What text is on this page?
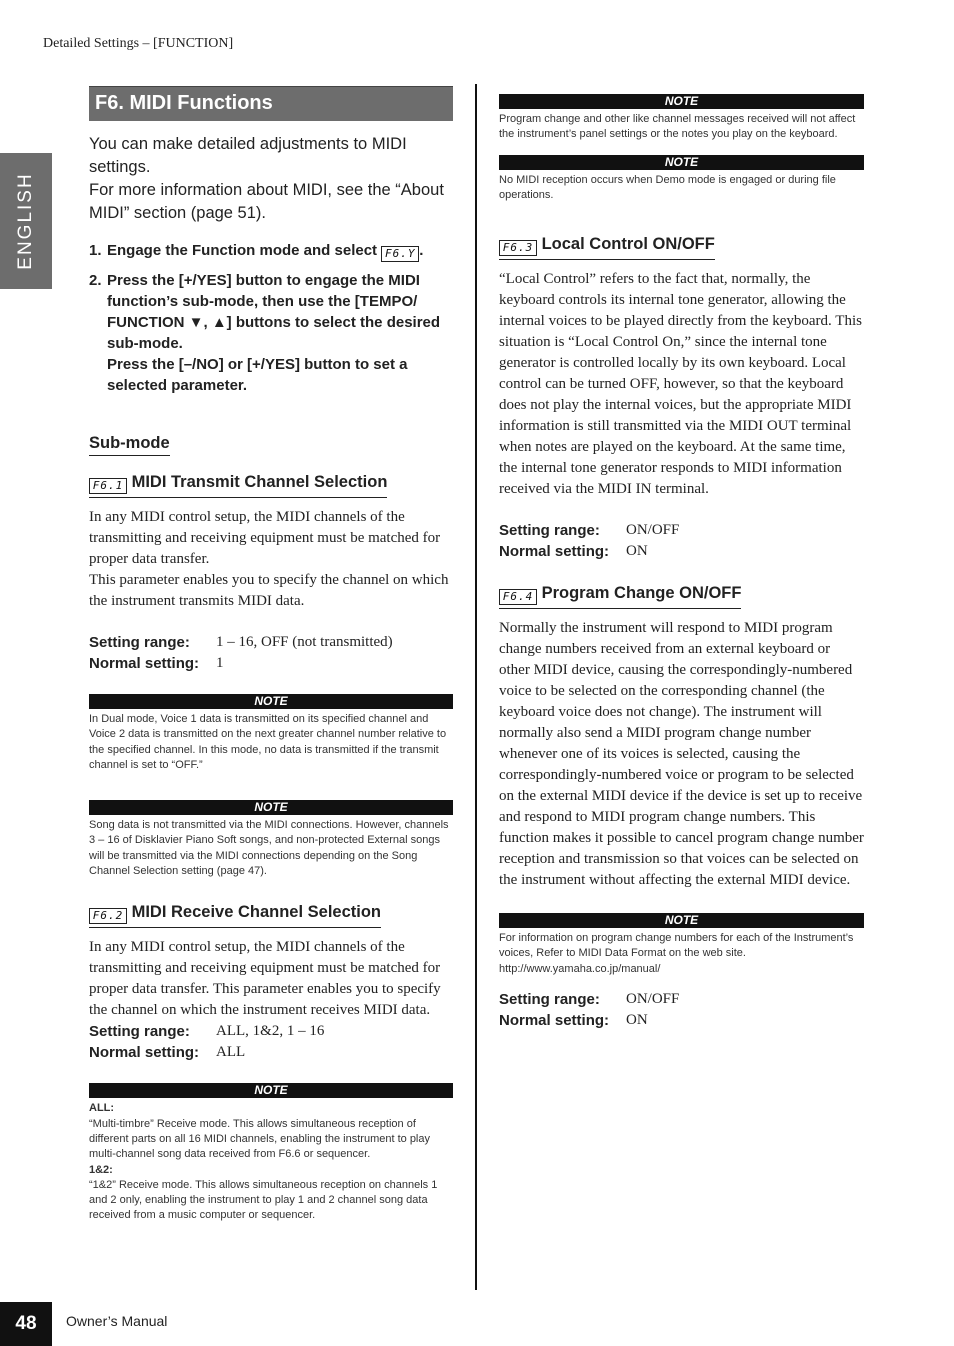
Detailed Settings – [FUNCTION]
ENGLISH
F6. MIDI Functions
You can make detailed adjustments to MIDI settings.
For more information about MIDI, see the “About MIDI” section (page 51).
1. Engage the Function mode and select F6.Y .
2. Press the [+/YES] button to engage the MIDI function’s sub-mode, then use the [TEMPO/ FUNCTION ▼, ▲] buttons to select the desired sub-mode.
Press the [–/NO] or [+/YES] button to set a selected parameter.
Sub-mode
F6.1 MIDI Transmit Channel Selection

In any MIDI control setup, the MIDI channels of the transmitting and receiving equipment must be matched for proper data transfer.

This parameter enables you to specify the channel on which the instrument transmits MIDI data.

Setting range:	1 – 16, OFF (not transmitted)
Normal setting:	1
NOTE
In Dual mode, Voice 1 data is transmitted on its specified channel and Voice 2 data is transmitted on the next greater channel number relative to the specified channel. In this mode, no data is transmitted if the transmit channel is set to “OFF.”
NOTE
Song data is not transmitted via the MIDI connections. However, channels 3 – 16 of Disklavier Piano Soft songs, and non-protected External songs will be transmitted via the MIDI connections depending on the Song Channel Selection setting (page 47).
F6.2 MIDI Receive Channel Selection
In any MIDI control setup, the MIDI channels of the transmitting and receiving equipment must be matched for proper data transfer. This parameter enables you to specify the channel on which the instrument receives MIDI data.
Setting range:	ALL, 1&2, 1 – 16
Normal setting:	ALL
NOTE
ALL:
“Multi-timbre” Receive mode. This allows simultaneous reception of different parts on all 16 MIDI channels, enabling the instrument to play multi-channel song data received from F6.6 or sequencer.
1&2:
“1&2” Receive mode. This allows simultaneous reception on channels 1 and 2 only, enabling the instrument to play 1 and 2 channel song data received from a music computer or sequencer.
NOTE
Program change and other like channel messages received will not affect the instrument’s panel settings or the notes you play on the keyboard.
NOTE
No MIDI reception occurs when Demo mode is engaged or during file operations.
F6.3 Local Control ON/OFF
“Local Control” refers to the fact that, normally, the keyboard controls its internal tone generator, allowing the internal voices to be played directly from the keyboard. This situation is “Local Control On,” since the internal tone generator is controlled locally by its own keyboard. Local control can be turned OFF, however, so that the keyboard does not play the internal voices, but the appropriate MIDI information is still transmitted via the MIDI OUT terminal when notes are played on the keyboard. At the same time, the internal tone generator responds to MIDI information received via the MIDI IN terminal.
Setting range:	ON/OFF
Normal setting:	ON
F6.4 Program Change ON/OFF
Normally the instrument will respond to MIDI program change numbers received from an external keyboard or other MIDI device, causing the correspondingly-numbered voice to be selected on the corresponding channel (the keyboard voice does not change). The instrument will normally also send a MIDI program change number whenever one of its voices is selected, causing the correspondingly-numbered voice or program to be selected on the external MIDI device if the device is set up to receive and respond to MIDI program change numbers. This function makes it possible to cancel program change number reception and transmission so that voices can be selected on the instrument without affecting the external MIDI device.
NOTE
For information on program change numbers for each of the Instrument’s voices, Refer to MIDI Data Format on the web site.
http://www.yamaha.co.jp/manual/
Setting range:	ON/OFF
Normal setting:	ON
48	Owner’s Manual
